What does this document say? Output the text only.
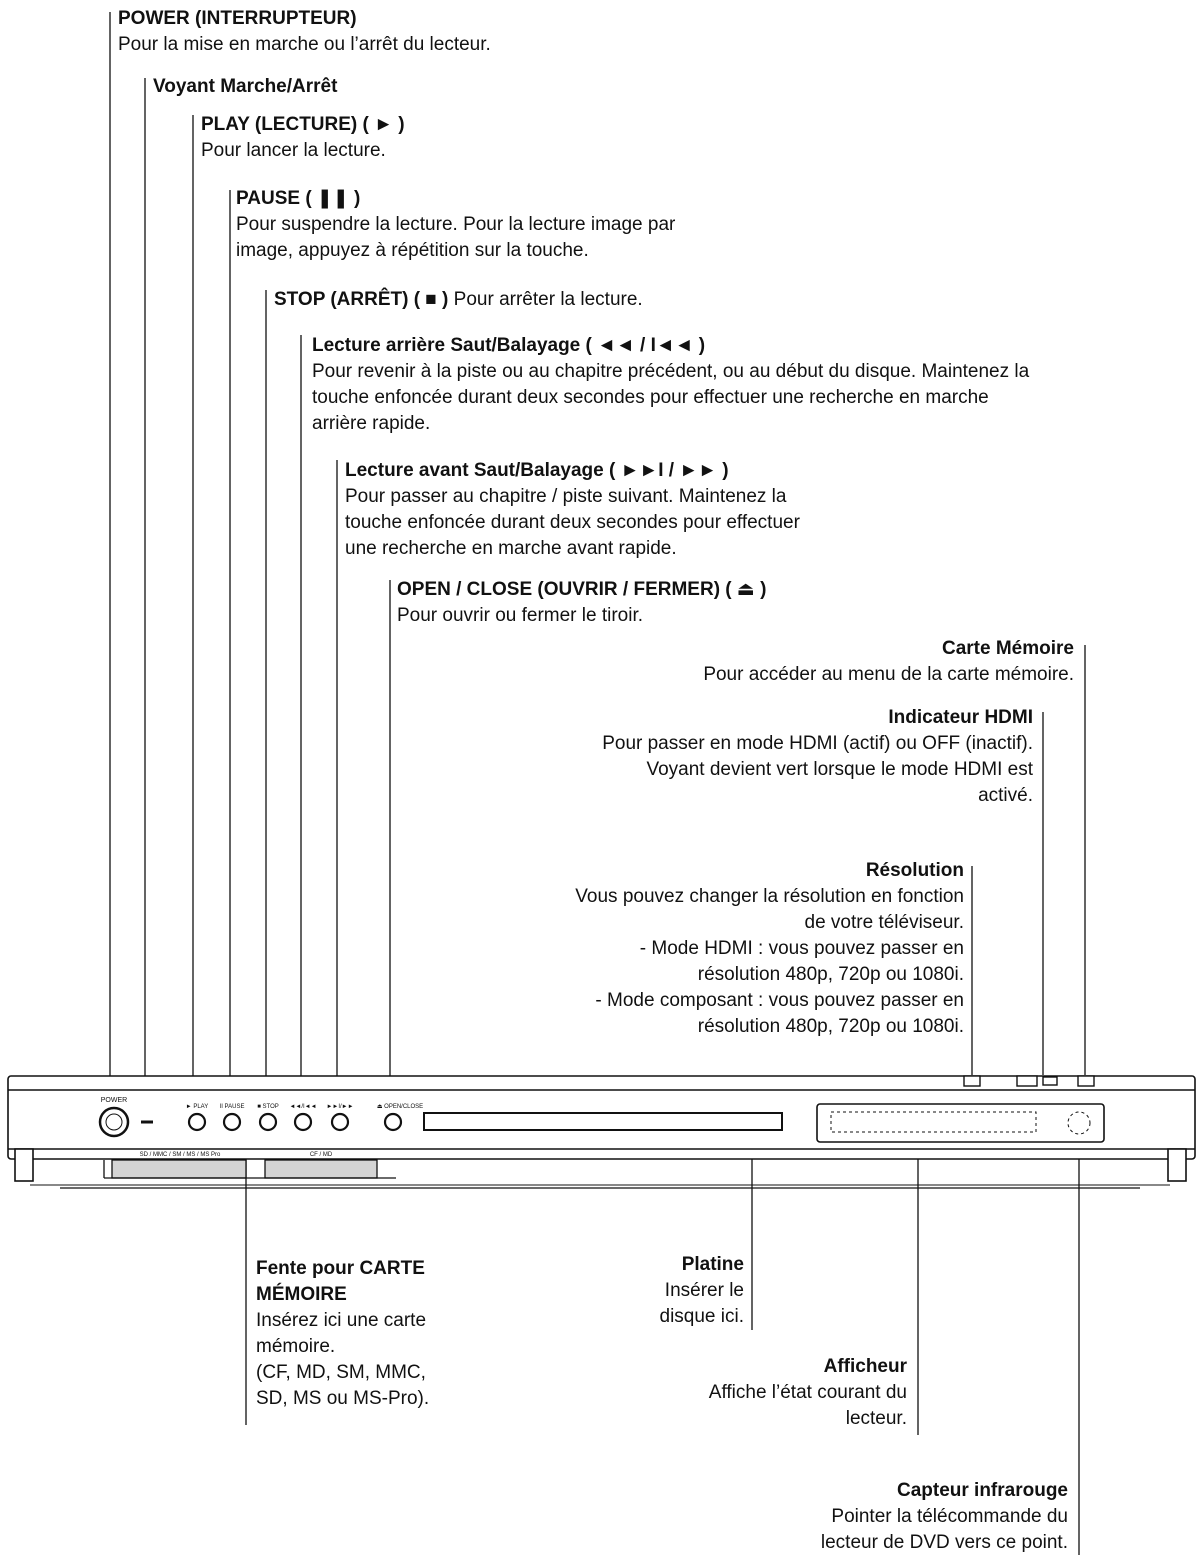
POWER
► PLAY II PAUSE ■ STOP ◄◄/I◄◄ ►►I/►►	⏏ OPEN/CLOSE
SD / MMC / SM / MS / MS Pro	CF / MD
POWER (INTERRUPTEUR)
Pour la mise en marche ou l’arrêt du lecteur.
Voyant Marche/Arrêt
PLAY (LECTURE) ( ► )
Pour lancer la lecture.
PAUSE ( ❚❚ )
Pour suspendre la lecture. Pour la lecture image par
image, appuyez à répétition sur la touche.
STOP (ARRÊT) ( ■ ) Pour arrêter la lecture.
Lecture arrière Saut/Balayage ( ◄◄ / I◄◄ )
Pour revenir à la piste ou au chapitre précédent, ou au début du disque. Maintenez la
touche enfoncée durant deux secondes pour effectuer une recherche en marche
arrière rapide.
Lecture avant Saut/Balayage ( ►►I / ►► )
Pour passer au chapitre / piste suivant. Maintenez la
touche enfoncée durant deux secondes pour effectuer
une recherche en marche avant rapide.
OPEN / CLOSE (OUVRIR / FERMER) ( ⏏ )
Pour ouvrir ou fermer le tiroir.
Carte Mémoire
Pour accéder au menu de la carte mémoire.
Indicateur HDMI
Pour passer en mode HDMI (actif) ou OFF (inactif).
Voyant devient vert lorsque le mode HDMI est
activé.
Résolution
Vous pouvez changer la résolution en fonction
de votre téléviseur.
- Mode HDMI : vous pouvez passer en
résolution 480p, 720p ou 1080i.
- Mode composant : vous pouvez passer en
résolution 480p, 720p ou 1080i.
Fente pour CARTE
MÉMOIRE
Insérez ici une carte
mémoire.
(CF, MD, SM, MMC,
SD, MS ou MS-Pro).
Platine
Insérer le
disque ici.
Afficheur
Affiche l’état courant du
lecteur.
Capteur infrarouge
Pointer la télécommande du
lecteur de DVD vers ce point.
